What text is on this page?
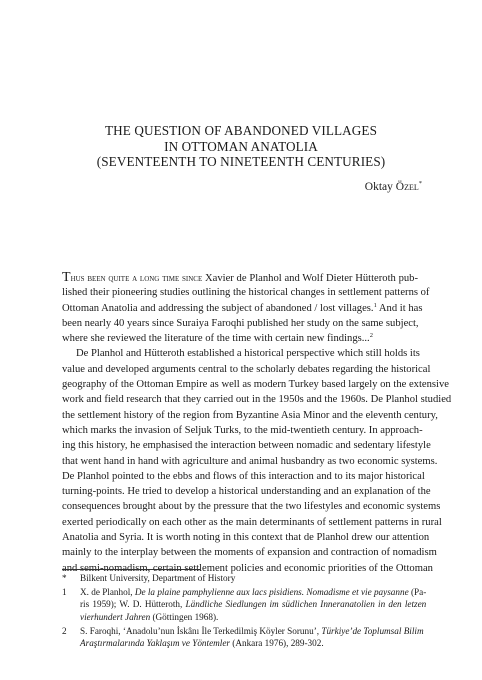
THE QUESTION OF ABANDONED VILLAGES
IN OTTOMAN ANATOLIA
(SEVENTEENTH TO NINETEENTH CENTURIES)
Oktay Özel*
Thus been quite a long time since Xavier de Planhol and Wolf Dieter Hütteroth pub-
lished their pioneering studies outlining the historical changes in settlement patterns of
Ottoman Anatolia and addressing the subject of abandoned / lost villages.$^1$ And it has
been nearly 40 years since Suraiya Faroqhi published her study on the same subject,
where she reviewed the literature of the time with certain new findings...$^2$
De Planhol and Hütteroth established a historical perspective which still holds its
value and developed arguments central to the scholarly debates regarding the historical
geography of the Ottoman Empire as well as modern Turkey based largely on the extensive
work and field research that they carried out in the 1950s and the 1960s. De Planhol studied
the settlement history of the region from Byzantine Asia Minor and the eleventh century,
which marks the invasion of Seljuk Turks, to the mid-twentieth century. In approach-
ing this history, he emphasised the interaction between nomadic and sedentary lifestyle
that went hand in hand with agriculture and animal husbandry as two economic systems.
De Planhol pointed to the ebbs and flows of this interaction and to its major historical
turning-points. He tried to develop a historical understanding and an explanation of the
consequences brought about by the pressure that the two lifestyles and economic systems
exerted periodically on each other as the main determinants of settlement patterns in rural
Anatolia and Syria. It is worth noting in this context that de Planhol drew our attention
mainly to the interplay between the moments of expansion and contraction of nomadism
and semi-nomadism, certain settlement policies and economic priorities of the Ottoman
*	Bilkent University, Department of History
1	X. de Planhol, De la plaine pamphylienne aux lacs pisidiens. Nomadisme et vie paysanne (Pa-
ris 1959); W. D. Hütteroth, Ländliche Siedlungen im südlichen Inneranatolien in den letzen
vierhundert Jahren (Göttingen 1968).
2	S. Faroqhi, ‘Anadolu’nun İskânı İle Terkedilmiş Köyler Sorunu’, Türkiye’de Toplumsal Bilim
Araştırmalarında Yaklaşım ve Yöntemler (Ankara 1976), 289-302.
